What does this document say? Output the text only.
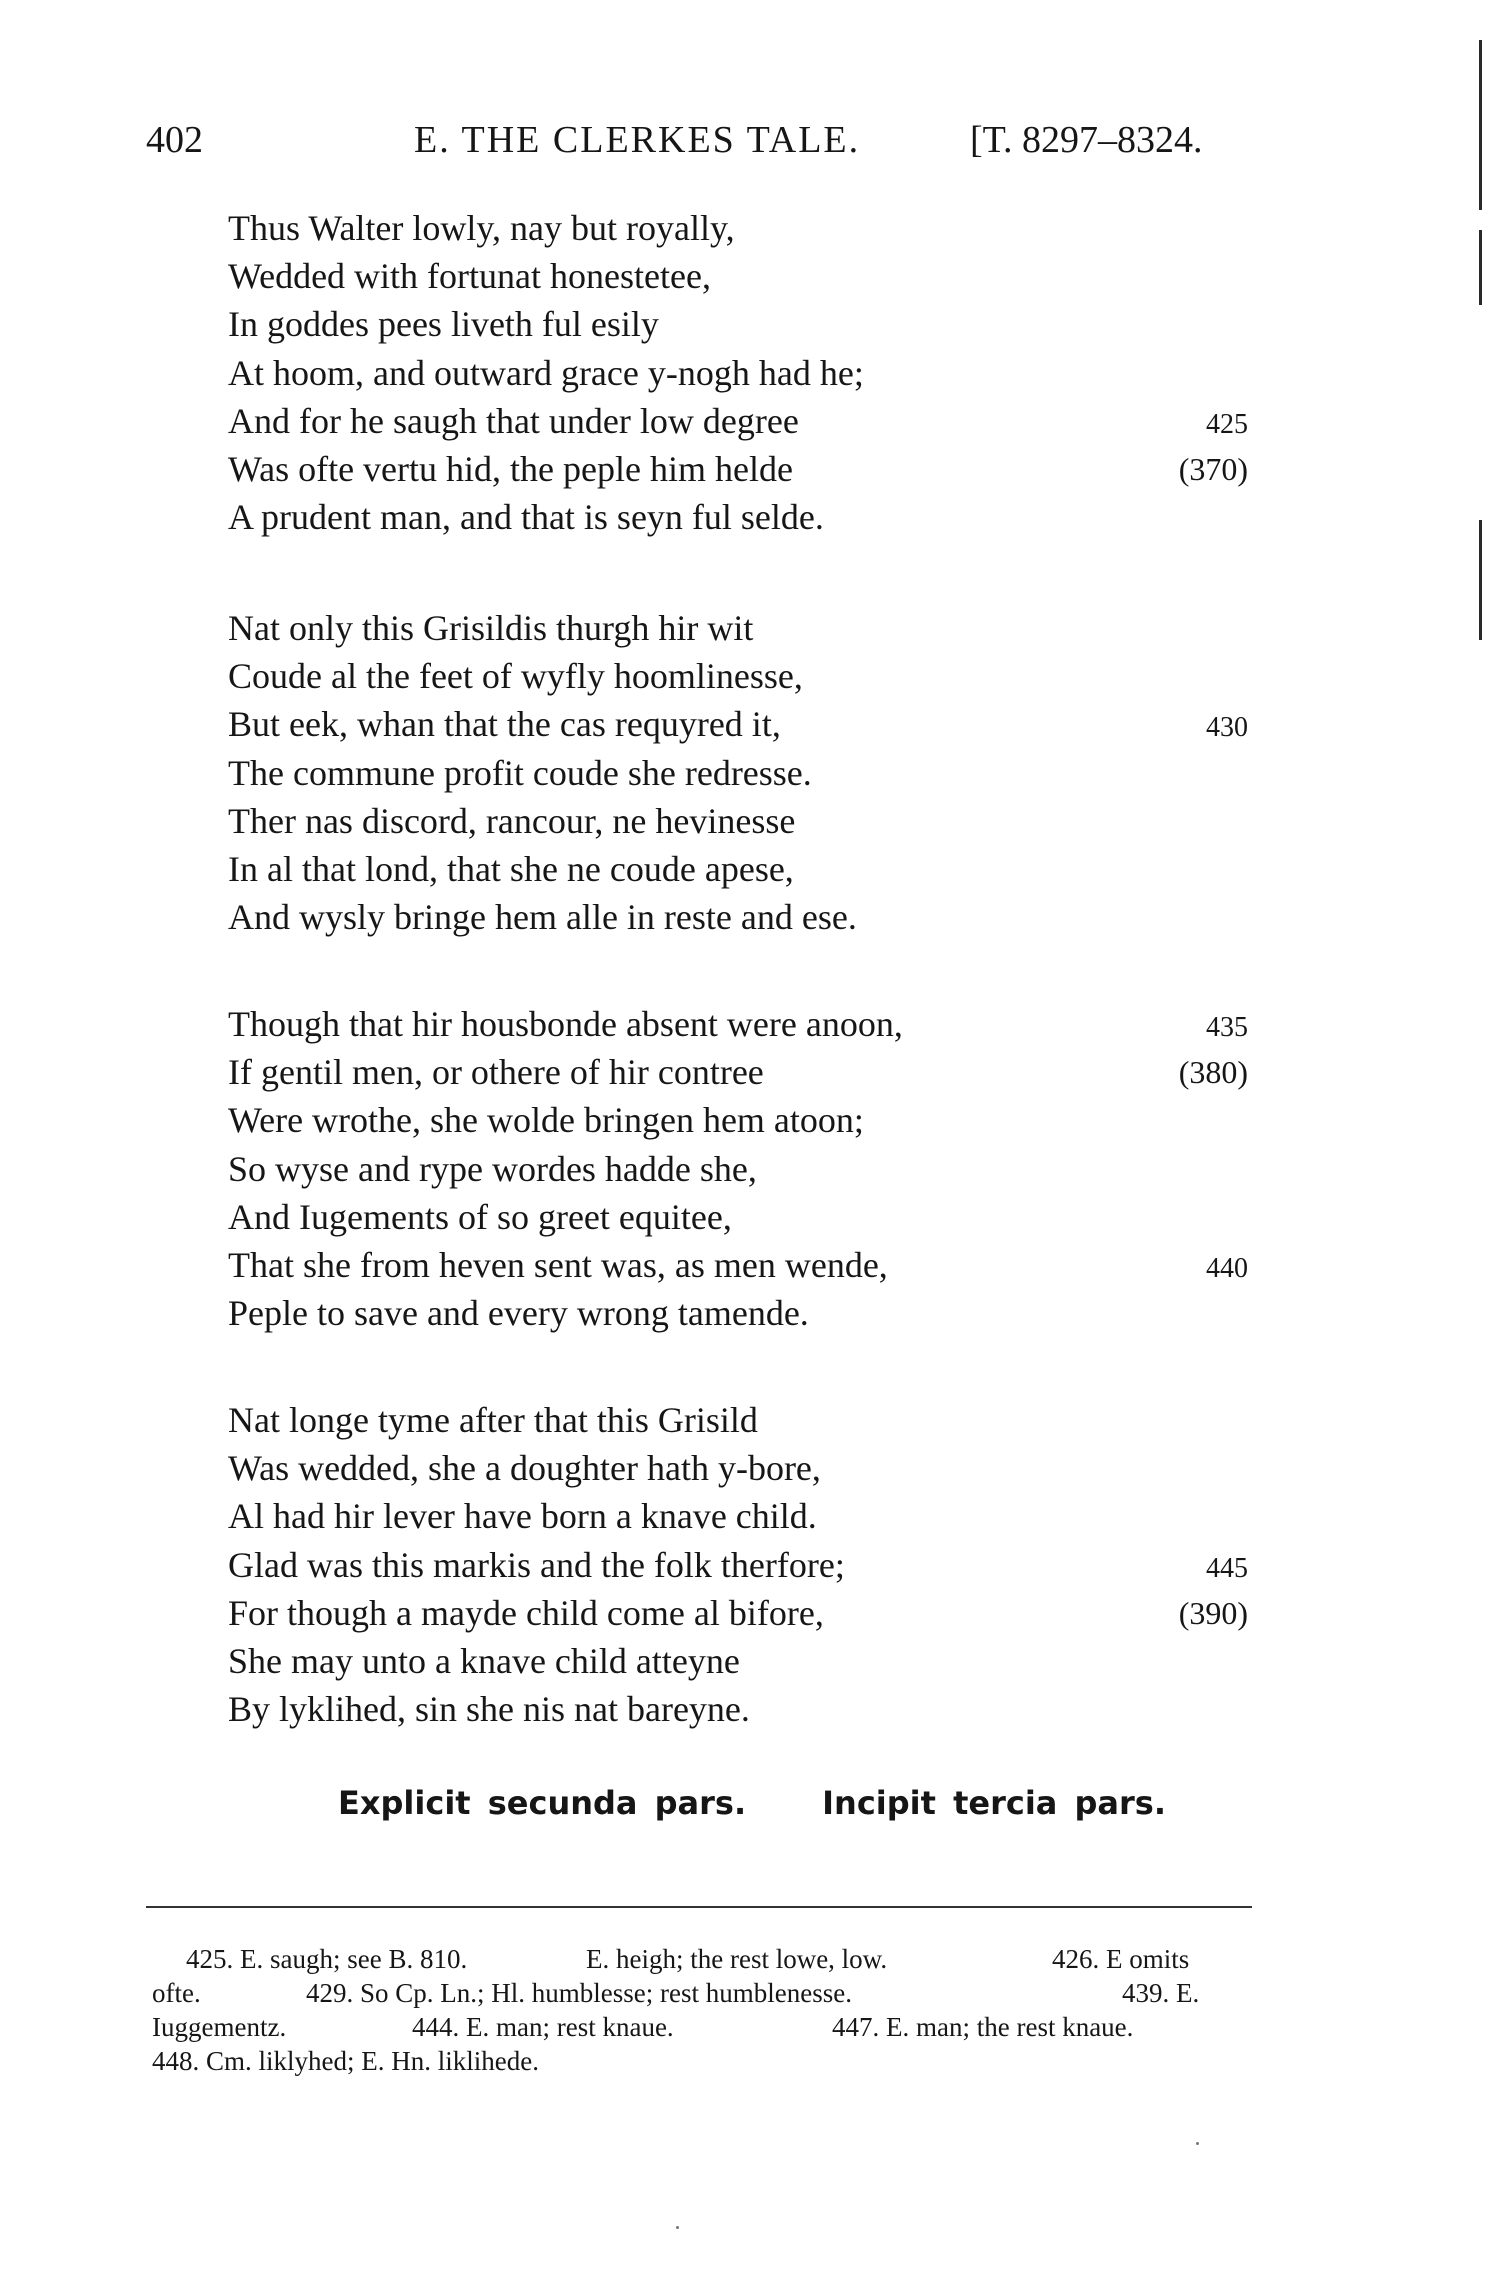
402	E. THE CLERKES TALE.	[T. 8297–8324.
Thus Walter lowly, nay but royally,
Wedded with fortunat honestetee,
In goddes pees liveth ful esily
At hoom, and outward grace y-nogh had he;
And for he saugh that under low degree	425
Was ofte vertu hid, the peple him helde	(370)
A prudent man, and that is seyn ful selde.
Nat only this Grisildis thurgh hir wit
Coude al the feet of wyfly hoomlinesse,
But eek, whan that the cas requyred it,	430
The commune profit coude she redresse.
Ther nas discord, rancour, ne hevinesse
In al that lond, that she ne coude apese,
And wysly bringe hem alle in reste and ese.
Though that hir housbonde absent were anoon,	435
If gentil men, or othere of hir contree	(380)
Were wrothe, she wolde bringen hem atoon;
So wyse and rype wordes hadde she,
And Iugements of so greet equitee,
That she from heven sent was, as men wende,	440
Peple to save and every wrong tamende.
Nat longe tyme after that this Grisild
Was wedded, she a doughter hath y-bore,
Al had hir lever have born a knave child.
Glad was this markis and the folk therfore;	445
For though a mayde child come al bifore,	(390)
She may unto a knave child atteyne
By lyklihed, sin she nis nat bareyne.
Explicit secunda pars. Incipit tercia pars.
425. E. saugh; see B. 810.	E. heigh; the rest lowe, low.	426. E omits
ofte.	429. So Cp. Ln.; Hl. humblesse; rest humblenesse.	439. E.
Iuggementz.	444. E. man; rest knaue.	447. E. man; the rest knaue.
448. Cm. liklyhed; E. Hn. liklihede.
